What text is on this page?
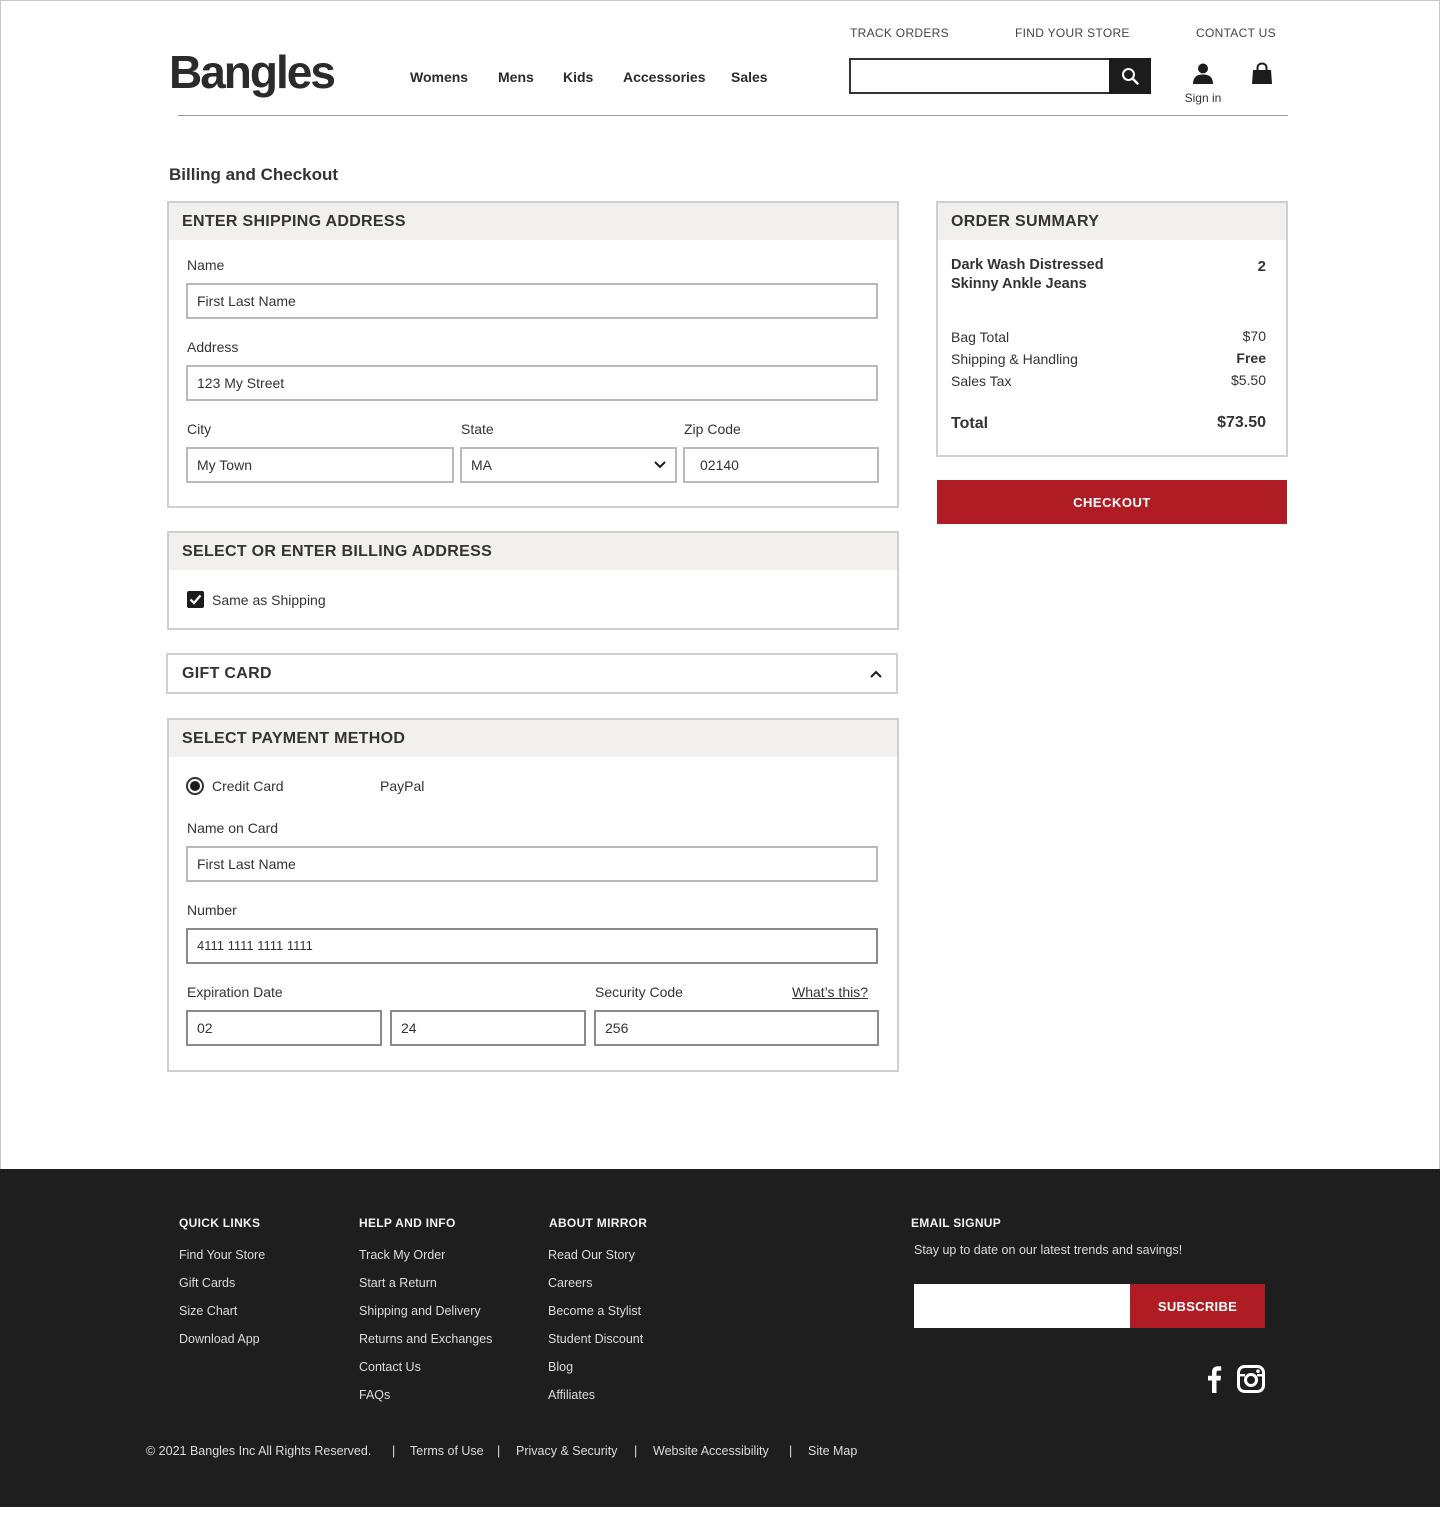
TRACK ORDERS	FIND YOUR STORE	CONTACT US
Bangles	Womens Mens Kids Accessories Sales
Sign in
Billing and Checkout
ENTER SHIPPING ADDRESS
Name
First Last Name
Address
123 My Street
City
My Town
State
MA
Zip Code
02140
SELECT OR ENTER BILLING ADDRESS
Same as Shipping
GIFT CARD
SELECT PAYMENT METHOD
Credit Card	PayPal
Name on Card
First Last Name
Number
4111 1111 1111 1111
Expiration Date
02	24
Security Code	What’s this?
256
ORDER SUMMARY
Dark Wash Distressed Skinny Ankle Jeans
2
Bag Total	$70
Shipping & Handling	Free
Sales Tax	$5.50
Total	$73.50
CHECKOUT
QUICK LINKS
Find Your Store
Gift Cards
Size Chart
Download App
HELP AND INFO
Track My Order
Start a Return
Shipping and Delivery
Returns and Exchanges
Contact Us
FAQs
ABOUT MIRROR
Read Our Story
Careers
Become a Stylist
Student Discount
Blog
Affiliates
EMAIL SIGNUP
Stay up to date on our latest trends and savings!
SUBSCRIBE
© 2021 Bangles Inc All Rights Reserved. | Terms of Use | Privacy & Security | Website Accessibility | Site Map
